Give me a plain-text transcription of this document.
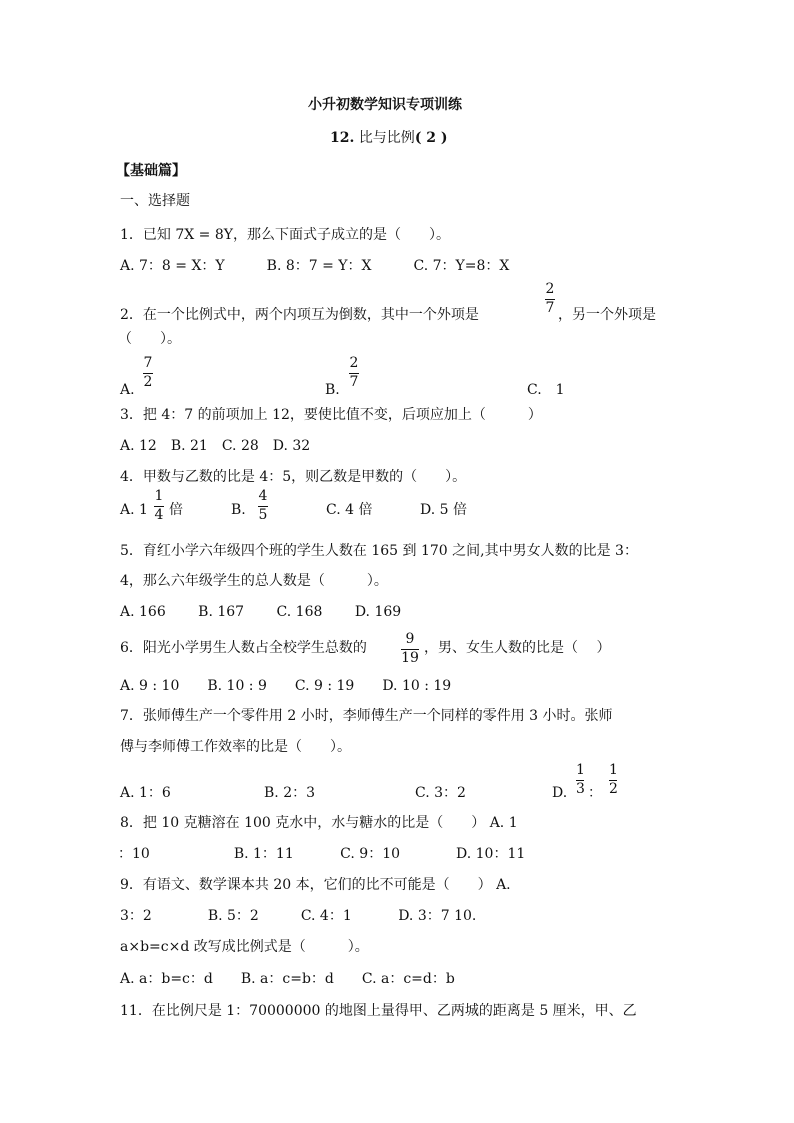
小升初数学知识专项训练
12. 比与比例( 2 )
【基础篇】
一、选择题
1．已知 7X = 8Y，那么下面式子成立的是（　　）。
A. 7：8 = X：Y　　　B. 8：7 = Y：X　　　C. 7：Y=8：X
2
7
2．在一个比例式中，两个内项互为倒数，其中一个外项是	，另一个外项是
（　　）。
A.
7
2	B.
2
7	C.　1
3．把 4：7 的前项加上 12，要使比值不变，后项应加上（　　　）
A. 12　B. 21　C. 28　D. 32
4．甲数与乙数的比是 4：5，则乙数是甲数的（　　）。
A. 1
1
4 倍	B.
4
5	C. 4 倍	D. 5 倍
5．育红小学六年级四个班的学生人数在 165 到 170 之间,其中男女人数的比是 3：
4，那么六年级学生的总人数是（　　　）。
A. 166　　 B. 167　　 C. 168　　 D. 169
6．阳光小学男生人数占全校学生总数的
9
19
，男、女生人数的比是（　 ）
A. 9 : 10　　B. 10 : 9　　C. 9 : 19　　D. 10 : 19
7．张师傅生产一个零件用 2 小时，李师傅生产一个同样的零件用 3 小时。张师
傅与李师傅工作效率的比是（　　）。
A. 1：6	B. 2：3	C. 3：2	D.
1
3 ：
1
2
8．把 10 克糖溶在 100 克水中，水与糖水的比是（　　） A. 1
：10　　　　　　B. 1：11　　　 C. 9：10　　　　D. 10：11
9．有语文、数学课本共 20 本，它们的比不可能是（　　） A.
3：2　　　　B. 5：2　　　C. 4：1　　　 D. 3：7 10.
a×b=c×d 改写成比例式是（　　　）。
A. a：b=c：d　　B. a：c=b：d　　C. a：c=d：b
11．在比例尺是 1：70000000 的地图上量得甲、乙两城的距离是 5 厘米，甲、乙
